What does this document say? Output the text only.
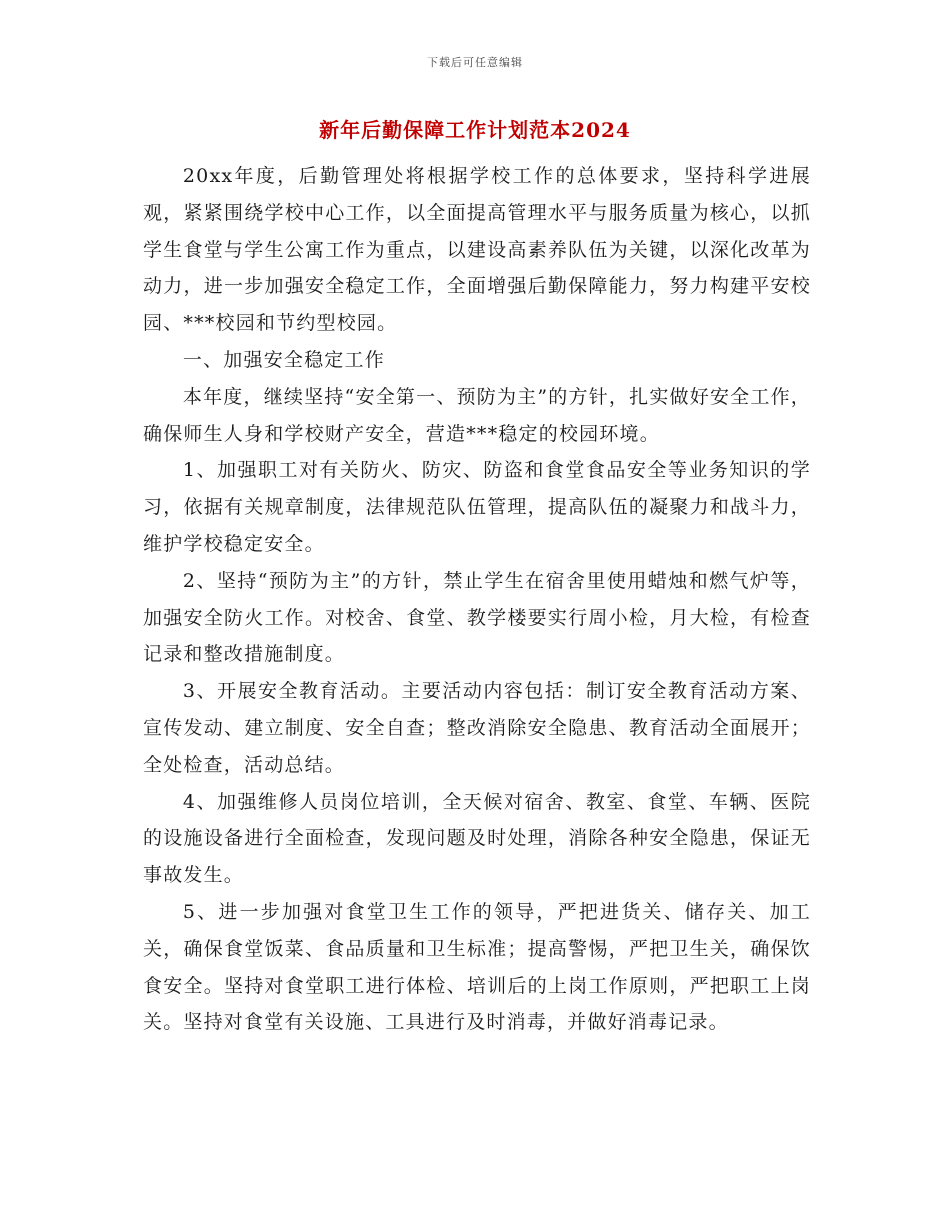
下载后可任意编辑
新年后勤保障工作计划范本2024

20xx年度，后勤管理处将根据学校工作的总体要求，坚持科学进展观，紧紧围绕学校中心工作，以全面提高管理水平与服务质量为核心，以抓学生食堂与学生公寓工作为重点，以建设高素养队伍为关键，以深化改革为动力，进一步加强安全稳定工作，全面增强后勤保障能力，努力构建平安校园、***校园和节约型校园。

一、加强安全稳定工作

本年度，继续坚持“安全第一、预防为主”的方针，扎实做好安全工作，确保师生人身和学校财产安全，营造***稳定的校园环境。

1、加强职工对有关防火、防灾、防盗和食堂食品安全等业务知识的学习，依据有关规章制度，法律规范队伍管理，提高队伍的凝聚力和战斗力，维护学校稳定安全。

2、坚持“预防为主”的方针，禁止学生在宿舍里使用蜡烛和燃气炉等，加强安全防火工作。对校舍、食堂、教学楼要实行周小检，月大检，有检查记录和整改措施制度。

3、开展安全教育活动。主要活动内容包括：制订安全教育活动方案、宣传发动、建立制度、安全自查；整改消除安全隐患、教育活动全面展开；全处检查，活动总结。

4、加强维修人员岗位培训，全天候对宿舍、教室、食堂、车辆、医院的设施设备进行全面检查，发现问题及时处理，消除各种安全隐患，保证无事故发生。

5、进一步加强对食堂卫生工作的领导，严把进货关、储存关、加工关，确保食堂饭菜、食品质量和卫生标准；提高警惕，严把卫生关，确保饮食安全。坚持对食堂职工进行体检、培训后的上岗工作原则，严把职工上岗关。坚持对食堂有关设施、工具进行及时消毒，并做好消毒记录。
